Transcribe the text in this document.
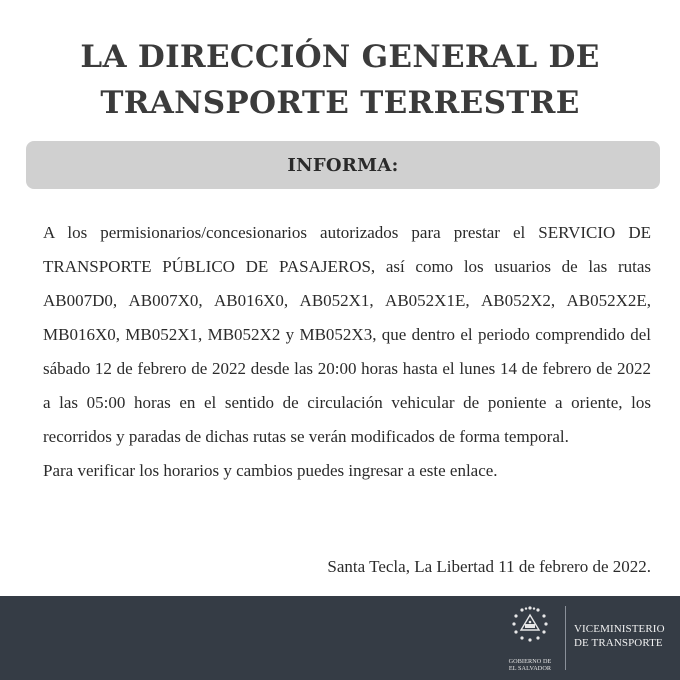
LA DIRECCIÓN GENERAL DE
TRANSPORTE TERRESTRE
INFORMA:

A los permisionarios/concesionarios autorizados para prestar el SERVICIO DE TRANSPORTE PÚBLICO DE PASAJEROS, así como los usuarios de las rutas AB007D0, AB007X0, AB016X0, AB052X1, AB052X1E, AB052X2, AB052X2E, MB016X0, MB052X1, MB052X2 y MB052X3, que dentro el periodo comprendido del sábado 12 de febrero de 2022 desde las 20:00 horas hasta el lunes 14 de febrero de 2022 a las 05:00 horas en el sentido de circulación vehicular de poniente a oriente, los recorridos y paradas de dichas rutas se verán modificados de forma temporal.

Para verificar los horarios y cambios puedes ingresar a este enlace.

Santa Tecla, La Libertad 11 de febrero de 2022.
GOBIERNO DE
EL SALVADOR
VICEMINISTERIO
DE TRANSPORTE
